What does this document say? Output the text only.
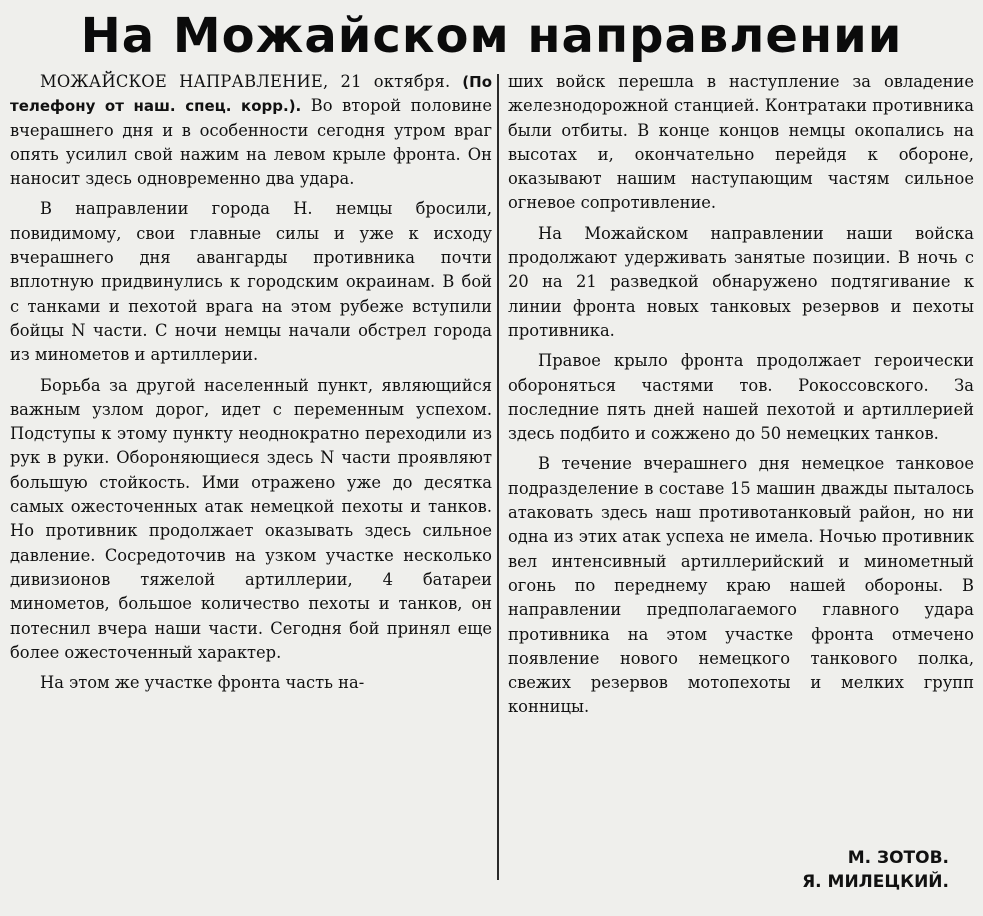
На Можайском направлении

МОЖАЙСКОЕ НАПРАВЛЕНИЕ, 21 октября. (По телефону от наш. спец. корр.). Во второй половине вчерашнего дня и в особенности сегодня утром враг опять усилил свой нажим на левом крыле фронта. Он наносит здесь одновременно два удара.

В направлении города Н. немцы бросили, повидимому, свои главные силы и уже к исходу вчерашнего дня авангарды противника почти вплотную придвинулись к городским окраинам. В бой с танками и пехотой врага на этом рубеже вступили бойцы N части. С ночи немцы начали обстрел города из минометов и артиллерии.

Борьба за другой населенный пункт, являющийся важным узлом дорог, идет с переменным успехом. Подступы к этому пункту неоднократно переходили из рук в руки. Обороняющиеся здесь N части проявляют большую стойкость. Ими отражено уже до десятка самых ожесточенных атак немецкой пехоты и танков. Но противник продолжает оказывать здесь сильное давление. Сосредоточив на узком участке несколько дивизионов тяжелой артиллерии, 4 батареи минометов, большое количество пехоты и танков, он потеснил вчера наши части. Сегодня бой принял еще более ожесточенный характер.

На этом же участке фронта часть на-

ших войск перешла в наступление за овладение железнодорожной станцией. Контратаки противника были отбиты. В конце концов немцы окопались на высотах и, окончательно перейдя к обороне, оказывают нашим наступающим частям сильное огневое сопротивление.

На Можайском направлении наши войска продолжают удерживать занятые позиции. В ночь с 20 на 21 разведкой обнаружено подтягивание к линии фронта новых танковых резервов и пехоты противника.

Правое крыло фронта продолжает героически обороняться частями тов. Рокоссовского. За последние пять дней нашей пехотой и артиллерией здесь подбито и сожжено до 50 немецких танков.

В течение вчерашнего дня немецкое танковое подразделение в составе 15 машин дважды пыталось атаковать здесь наш противотанковый район, но ни одна из этих атак успеха не имела. Ночью противник вел интенсивный артиллерийский и минометный огонь по переднему краю нашей обороны. В направлении предполагаемого главного удара противника на этом участке фронта отмечено появление нового немецкого танкового полка, свежих резервов мотопехоты и мелких групп конницы.

М. ЗОТОВ.
Я. МИЛЕЦКИЙ.
